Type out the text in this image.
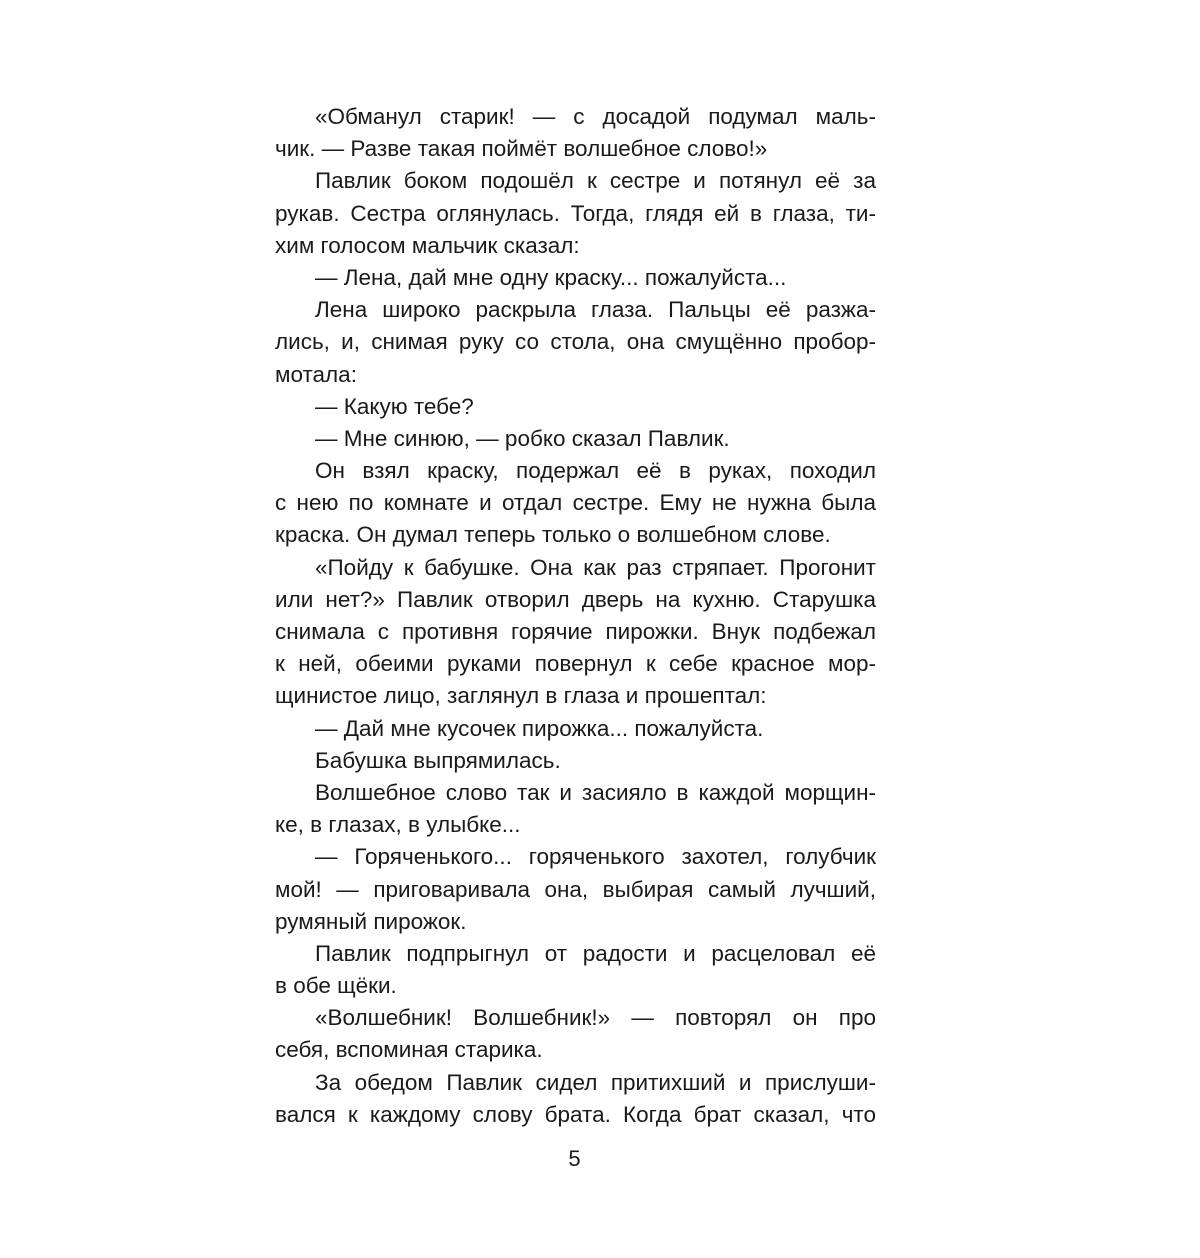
«Обманул старик! — с досадой подумал маль-
чик. — Разве такая поймёт волшебное слово!»
Павлик боком подошёл к сестре и потянул её за
рукав. Сестра оглянулась. Тогда, глядя ей в глаза, ти-
хим голосом мальчик сказал:
— Лена, дай мне одну краску... пожалуйста...
Лена широко раскрыла глаза. Пальцы её разжа-
лись, и, снимая руку со стола, она смущённо пробор-
мотала:
— Какую тебе?
— Мне синюю, — робко сказал Павлик.
Он взял краску, подержал её в руках, походил
с нею по комнате и отдал сестре. Ему не нужна была
краска. Он думал теперь только о волшебном слове.
«Пойду к бабушке. Она как раз стряпает. Прогонит
или нет?» Павлик отворил дверь на кухню. Старушка
снимала с противня горячие пирожки. Внук подбежал
к ней, обеими руками повернул к себе красное мор-
щинистое лицо, заглянул в глаза и прошептал:
— Дай мне кусочек пирожка... пожалуйста.
Бабушка выпрямилась.
Волшебное слово так и засияло в каждой морщин-
ке, в глазах, в улыбке...
— Горяченького... горяченького захотел, голубчик
мой! — приговаривала она, выбирая самый лучший,
румяный пирожок.
Павлик подпрыгнул от радости и расцеловал её
в обе щёки.
«Волшебник! Волшебник!» — повторял он про
себя, вспоминая старика.
За обедом Павлик сидел притихший и прислуши-
вался к каждому слову брата. Когда брат сказал, что
5
